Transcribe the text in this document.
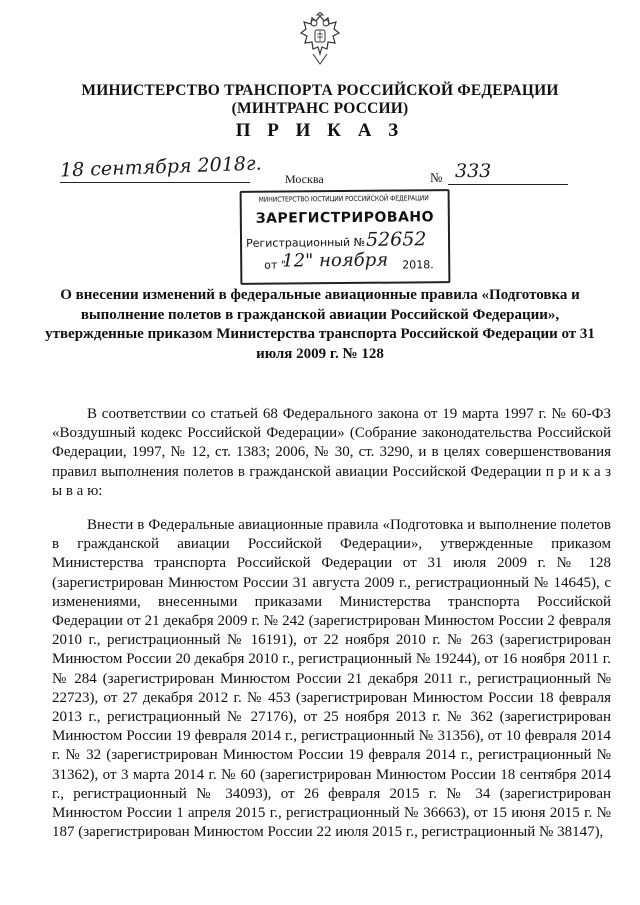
МИНИСТЕРСТВО ТРАНСПОРТА РОССИЙСКОЙ ФЕДЕРАЦИИ
(МИНТРАНС РОССИИ)
П Р И К А З
18 сентября 2018г. Москва	№ 333
МИНИСТЕРСТВО ЮСТИЦИИ РОССИЙСКОЙ ФЕДЕРАЦИИ
ЗАРЕГИСТРИРОВАНО
Регистрационный № 52652
от "
12" ноября 2018.
О внесении изменений в федеральные авиационные правила «Подготовка и выполнение полетов в гражданской авиации Российской Федерации», утвержденные приказом Министерства транспорта Российской Федерации от 31 июля 2009 г. № 128
В соответствии со статьей 68 Федерального закона от 19 марта 1997 г. № 60-ФЗ «Воздушный кодекс Российской Федерации» (Собрание законодательства Российской Федерации, 1997, № 12, ст. 1383; 2006, № 30, ст. 3290, и в целях совершенствования правил выполнения полетов в гражданской авиации Российской Федерации п р и к а з ы в а ю:
Внести в Федеральные авиационные правила «Подготовка и выполнение полетов в гражданской авиации Российской Федерации», утвержденные приказом Министерства транспорта Российской Федерации от 31 июля 2009 г. № 128 (зарегистрирован Минюстом России 31 августа 2009 г., регистрационный № 14645), с изменениями, внесенными приказами Министерства транспорта Российской Федерации от 21 декабря 2009 г. № 242 (зарегистрирован Минюстом России 2 февраля 2010 г., регистрационный № 16191), от 22 ноября 2010 г. № 263 (зарегистрирован Минюстом России 20 декабря 2010 г., регистрационный № 19244), от 16 ноября 2011 г. № 284 (зарегистрирован Минюстом России 21 декабря 2011 г., регистрационный № 22723), от 27 декабря 2012 г. № 453 (зарегистрирован Минюстом России 18 февраля 2013 г., регистрационный № 27176), от 25 ноября 2013 г. № 362 (зарегистрирован Минюстом России 19 февраля 2014 г., регистрационный № 31356), от 10 февраля 2014 г. № 32 (зарегистрирован Минюстом России 19 февраля 2014 г., регистрационный № 31362), от 3 марта 2014 г. № 60 (зарегистрирован Минюстом России 18 сентября 2014 г., регистрационный № 34093), от 26 февраля 2015 г. № 34 (зарегистрирован Минюстом России 1 апреля 2015 г., регистрационный № 36663), от 15 июня 2015 г. № 187 (зарегистрирован Минюстом России 22 июля 2015 г., регистрационный № 38147),
